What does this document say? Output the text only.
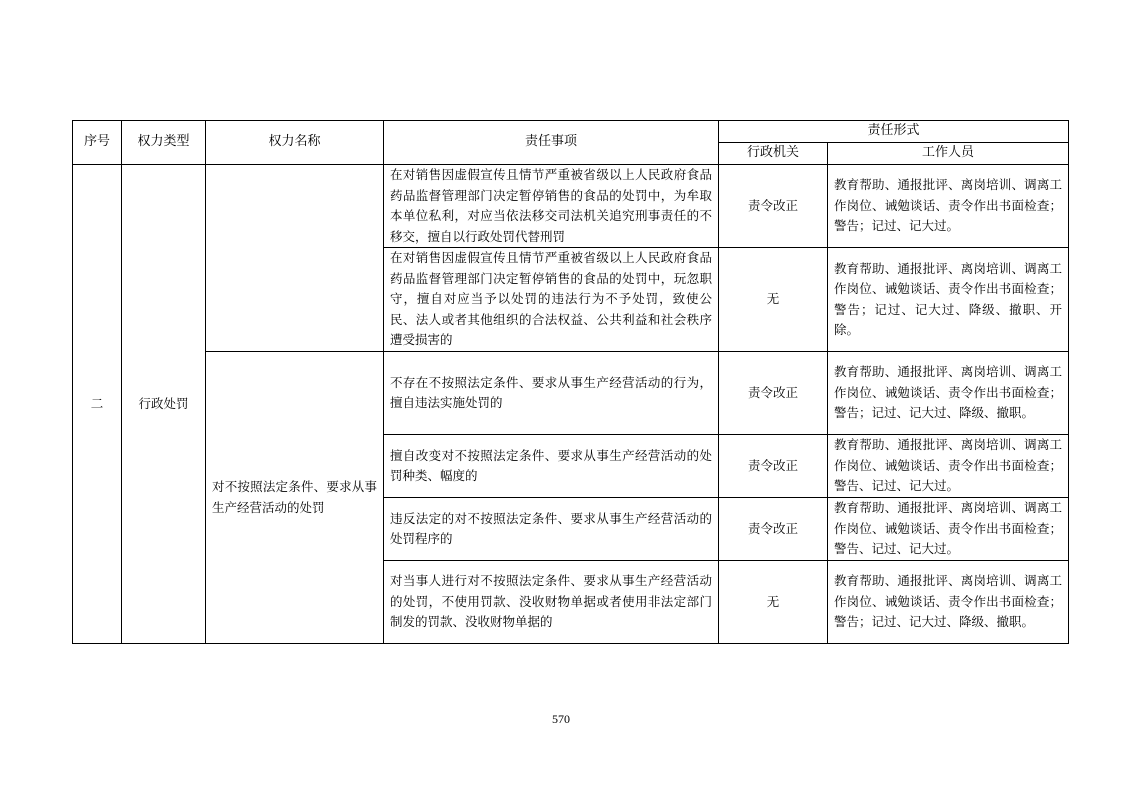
序号	权力类型	权力名称	责任事项	责任形式	
				行政机关	工作人员
二	行政处罚		在对销售因虚假宣传且情节严重被省级以上人民政府食品药品监督管理部门决定暂停销售的食品的处罚中，为牟取本单位私利，对应当依法移交司法机关追究刑事责任的不移交，擅自以行政处罚代替刑罚	责令改正	教育帮助、通报批评、离岗培训、调离工作岗位、诫勉谈话、责令作出书面检查；警告；记过、记大过。
			在对销售因虚假宣传且情节严重被省级以上人民政府食品药品监督管理部门决定暂停销售的食品的处罚中，玩忽职守，擅自对应当予以处罚的违法行为不予处罚，致使公民、法人或者其他组织的合法权益、公共利益和社会秩序遭受损害的	无	教育帮助、通报批评、离岗培训、调离工作岗位、诫勉谈话、责令作出书面检查；警告；记过、记大过、降级、撤职、开除。
		对不按照法定条件、要求从事生产经营活动的处罚	不存在不按照法定条件、要求从事生产经营活动的行为，擅自违法实施处罚的	责令改正	教育帮助、通报批评、离岗培训、调离工作岗位、诫勉谈话、责令作出书面检查；警告；记过、记大过、降级、撤职。
			擅自改变对不按照法定条件、要求从事生产经营活动的处罚种类、幅度的	责令改正	教育帮助、通报批评、离岗培训、调离工作岗位、诫勉谈话、责令作出书面检查；警告、记过、记大过。
			违反法定的对不按照法定条件、要求从事生产经营活动的处罚程序的	责令改正	教育帮助、通报批评、离岗培训、调离工作岗位、诫勉谈话、责令作出书面检查；警告、记过、记大过。
			对当事人进行对不按照法定条件、要求从事生产经营活动的处罚，不使用罚款、没收财物单据或者使用非法定部门制发的罚款、没收财物单据的	无	教育帮助、通报批评、离岗培训、调离工作岗位、诫勉谈话、责令作出书面检查；警告；记过、记大过、降级、撤职。
570
